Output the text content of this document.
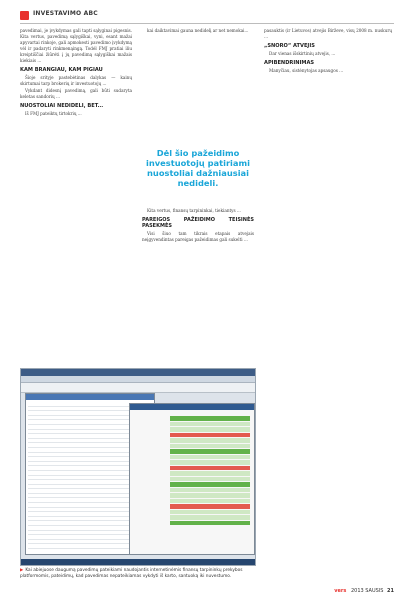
INVESTAVIMO ABC

pavedimai, je įvykdymas gali tapti sąlyginai pigesnis. Kita vertus, pavedimą sąlygiškai, vyni, esant mažai apyvartai rinkoje, gali apmokesti pavedimo įvykdymą vėl ir padaryti rinkmenąingą. Todėl FMJ pratiai iliu kreiptiščiai žiūrėti į jų pavedimą sąlygiškai mažais kiekiais ...

KAM BRANGIAU, KAM PIGIAU

Šioje srityje pastebėtinas dalykas — kainų skirtumai tarp brokerių ir investuotojų ...

Vykdant didesnį pavedimą, gali būti sudaryta keletas sandorių ...

NUOSTOLIAI NEDIDELI, BET...

Iš FMJ pateiktų tirtokrių ...

kai daiktavimai gauna nedidelį ar net nemokai...

Dėl šio pažeidimo investuotojų patiriami nuostoliai dažniausiai nedideli.

Kita vertus, finansų tarpininkai, tiekiantys ...

PAREIGOS PAŽEIDIMO TEISINĖS PASEKMĖS

Visi šiuo tam tikrais etapais atvejais neįgyvendintas pareigas pažeidimas gali sukelti ...

pasauktis (ir Lietuvos) atvejis Birževe, visų 2008 m. nuskurų ...

„SNORO“ ATVEJIS

Dar vienas išskirtinių atvejis, ...

APIBENDRINIMAS

Manyčiau, sistėnytojas apsaugos ...

▶ Kai abiejuose daugumą pavedimų pateikiami naudojantis internetinėmis finansų tarpininkų prekybos platformomis, pateidimų, kad pavedimas nepateikiamas vykdyti iš karto, santuoką iki nuvestumo.
vers 2013 SAUSIS 21
